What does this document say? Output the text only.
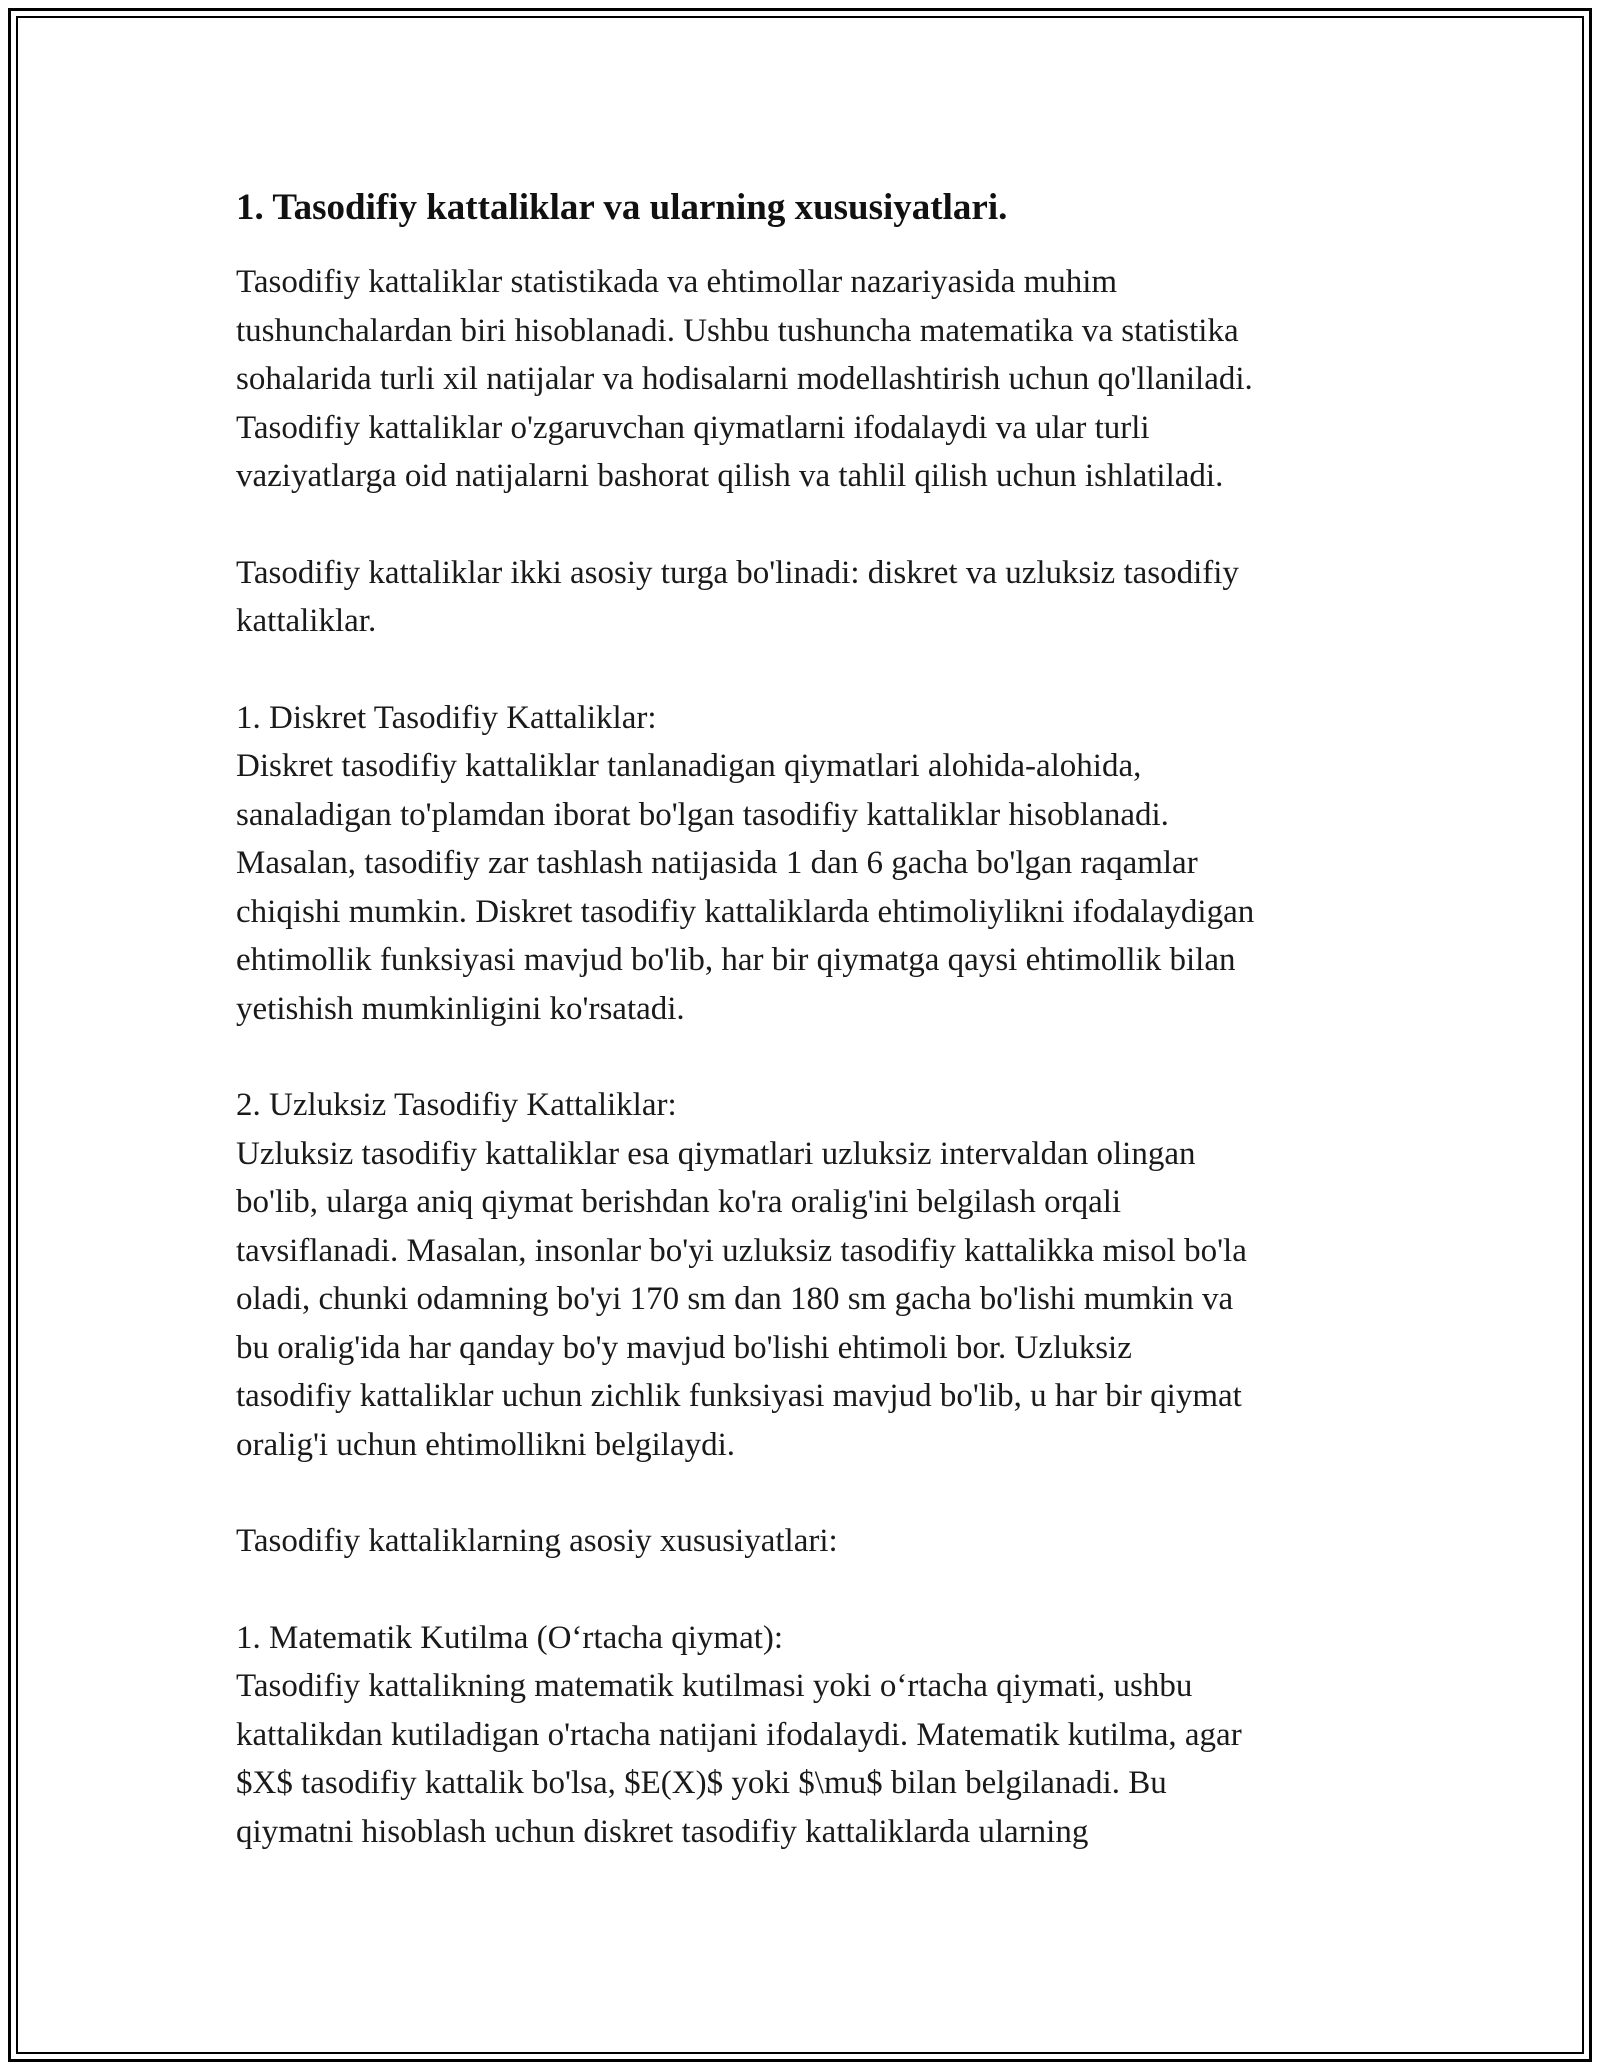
1. Tasodifiy kattaliklar va ularning xususiyatlari.

Tasodifiy kattaliklar statistikada va ehtimollar nazariyasida muhim
tushunchalardan biri hisoblanadi. Ushbu tushuncha matematika va statistika
sohalarida turli xil natijalar va hodisalarni modellashtirish uchun qo'llaniladi.
Tasodifiy kattaliklar o'zgaruvchan qiymatlarni ifodalaydi va ular turli
vaziyatlarga oid natijalarni bashorat qilish va tahlil qilish uchun ishlatiladi.

Tasodifiy kattaliklar ikki asosiy turga bo'linadi: diskret va uzluksiz tasodifiy
kattaliklar.

1. Diskret Tasodifiy Kattaliklar:
Diskret tasodifiy kattaliklar tanlanadigan qiymatlari alohida-alohida,
sanaladigan to'plamdan iborat bo'lgan tasodifiy kattaliklar hisoblanadi.
Masalan, tasodifiy zar tashlash natijasida 1 dan 6 gacha bo'lgan raqamlar
chiqishi mumkin. Diskret tasodifiy kattaliklarda ehtimoliylikni ifodalaydigan
ehtimollik funksiyasi mavjud bo'lib, har bir qiymatga qaysi ehtimollik bilan
yetishish mumkinligini ko'rsatadi.

2. Uzluksiz Tasodifiy Kattaliklar:
Uzluksiz tasodifiy kattaliklar esa qiymatlari uzluksiz intervaldan olingan
bo'lib, ularga aniq qiymat berishdan ko'ra oralig'ini belgilash orqali
tavsiflanadi. Masalan, insonlar bo'yi uzluksiz tasodifiy kattalikka misol bo'la
oladi, chunki odamning bo'yi 170 sm dan 180 sm gacha bo'lishi mumkin va
bu oralig'ida har qanday bo'y mavjud bo'lishi ehtimoli bor. Uzluksiz
tasodifiy kattaliklar uchun zichlik funksiyasi mavjud bo'lib, u har bir qiymat
oralig'i uchun ehtimollikni belgilaydi.

Tasodifiy kattaliklarning asosiy xususiyatlari:

1. Matematik Kutilma (O‘rtacha qiymat):
Tasodifiy kattalikning matematik kutilmasi yoki o‘rtacha qiymati, ushbu
kattalikdan kutiladigan o'rtacha natijani ifodalaydi. Matematik kutilma, agar
$X$ tasodifiy kattalik bo'lsa, $E(X)$ yoki $\mu$ bilan belgilanadi. Bu
qiymatni hisoblash uchun diskret tasodifiy kattaliklarda ularning
